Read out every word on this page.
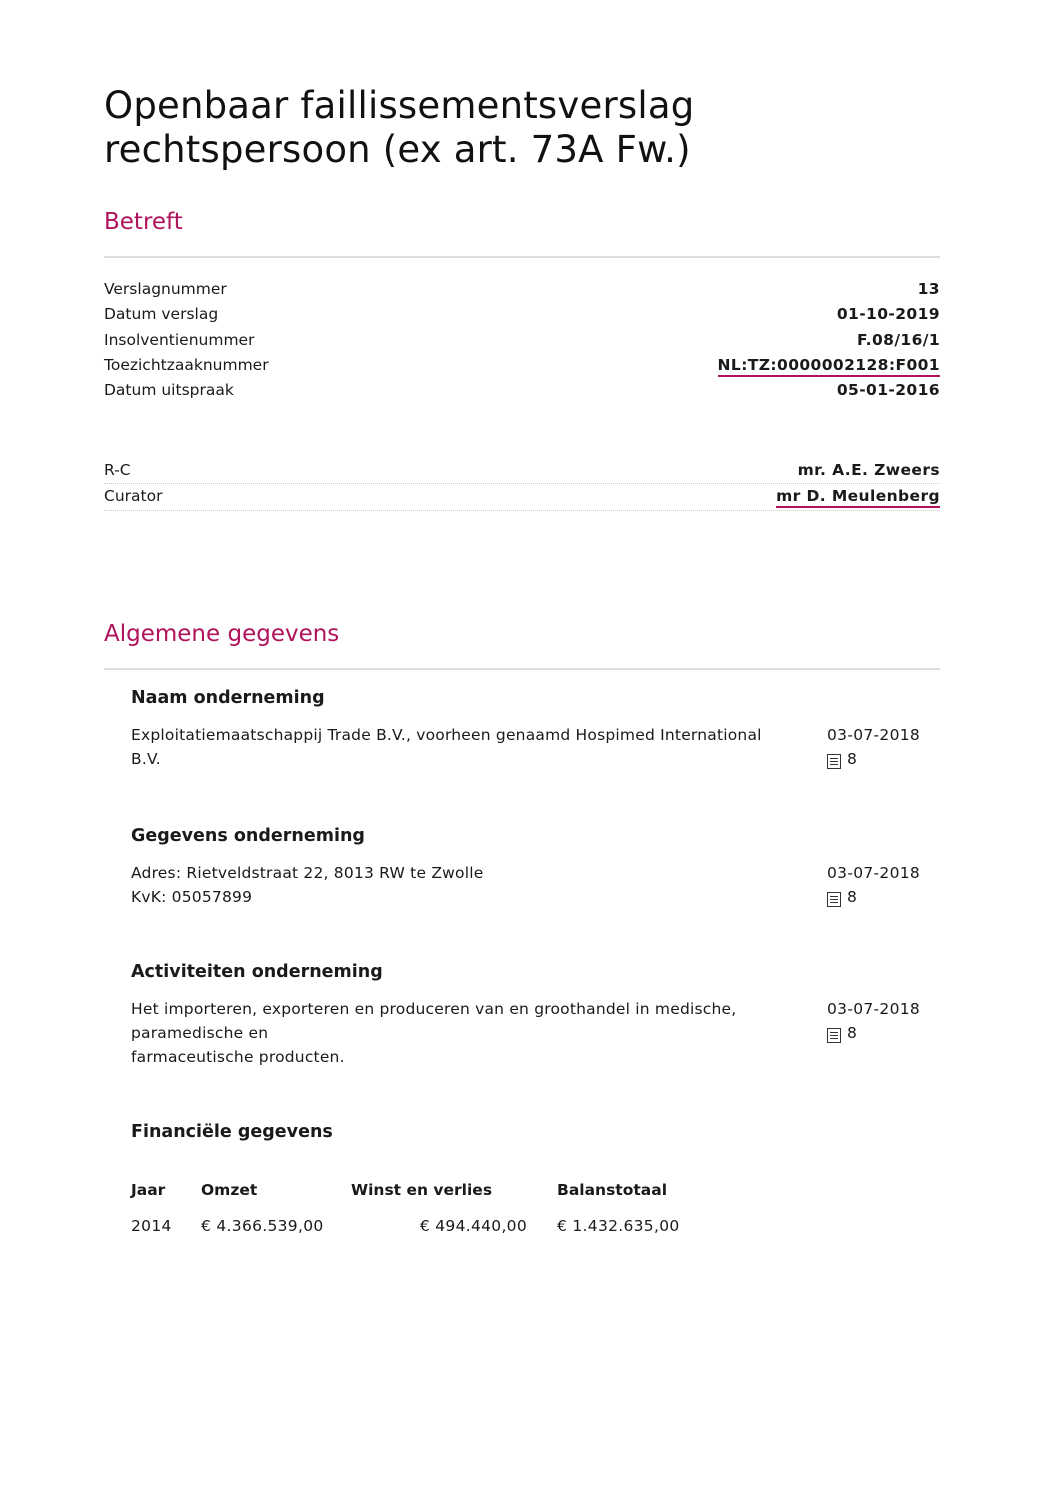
Openbaar faillissementsverslag
rechtspersoon (ex art. 73A Fw.)
Betreft
Verslagnummer	13
Datum verslag	01-10-2019
Insolventienummer	F.08/16/1
Toezichtzaaknummer	NL:TZ:0000002128:F001
Datum uitspraak	05-01-2016
R-C	mr. A.E. Zweers
Curator	mr D. Meulenberg
Algemene gegevens
Naam onderneming
Exploitatiemaatschappij Trade B.V., voorheen genaamd Hospimed International
B.V.
03-07-2018
8
Gegevens onderneming
Adres: Rietveldstraat 22, 8013 RW te Zwolle
KvK: 05057899
03-07-2018
8
Activiteiten onderneming
Het importeren, exporteren en produceren van en groothandel in medische,
paramedische en
farmaceutische producten.
03-07-2018
8
Financiële gegevens
Jaar	Omzet	Winst en verlies	Balanstotaal
2014	€ 4.366.539,00	€ 494.440,00	€ 1.432.635,00
